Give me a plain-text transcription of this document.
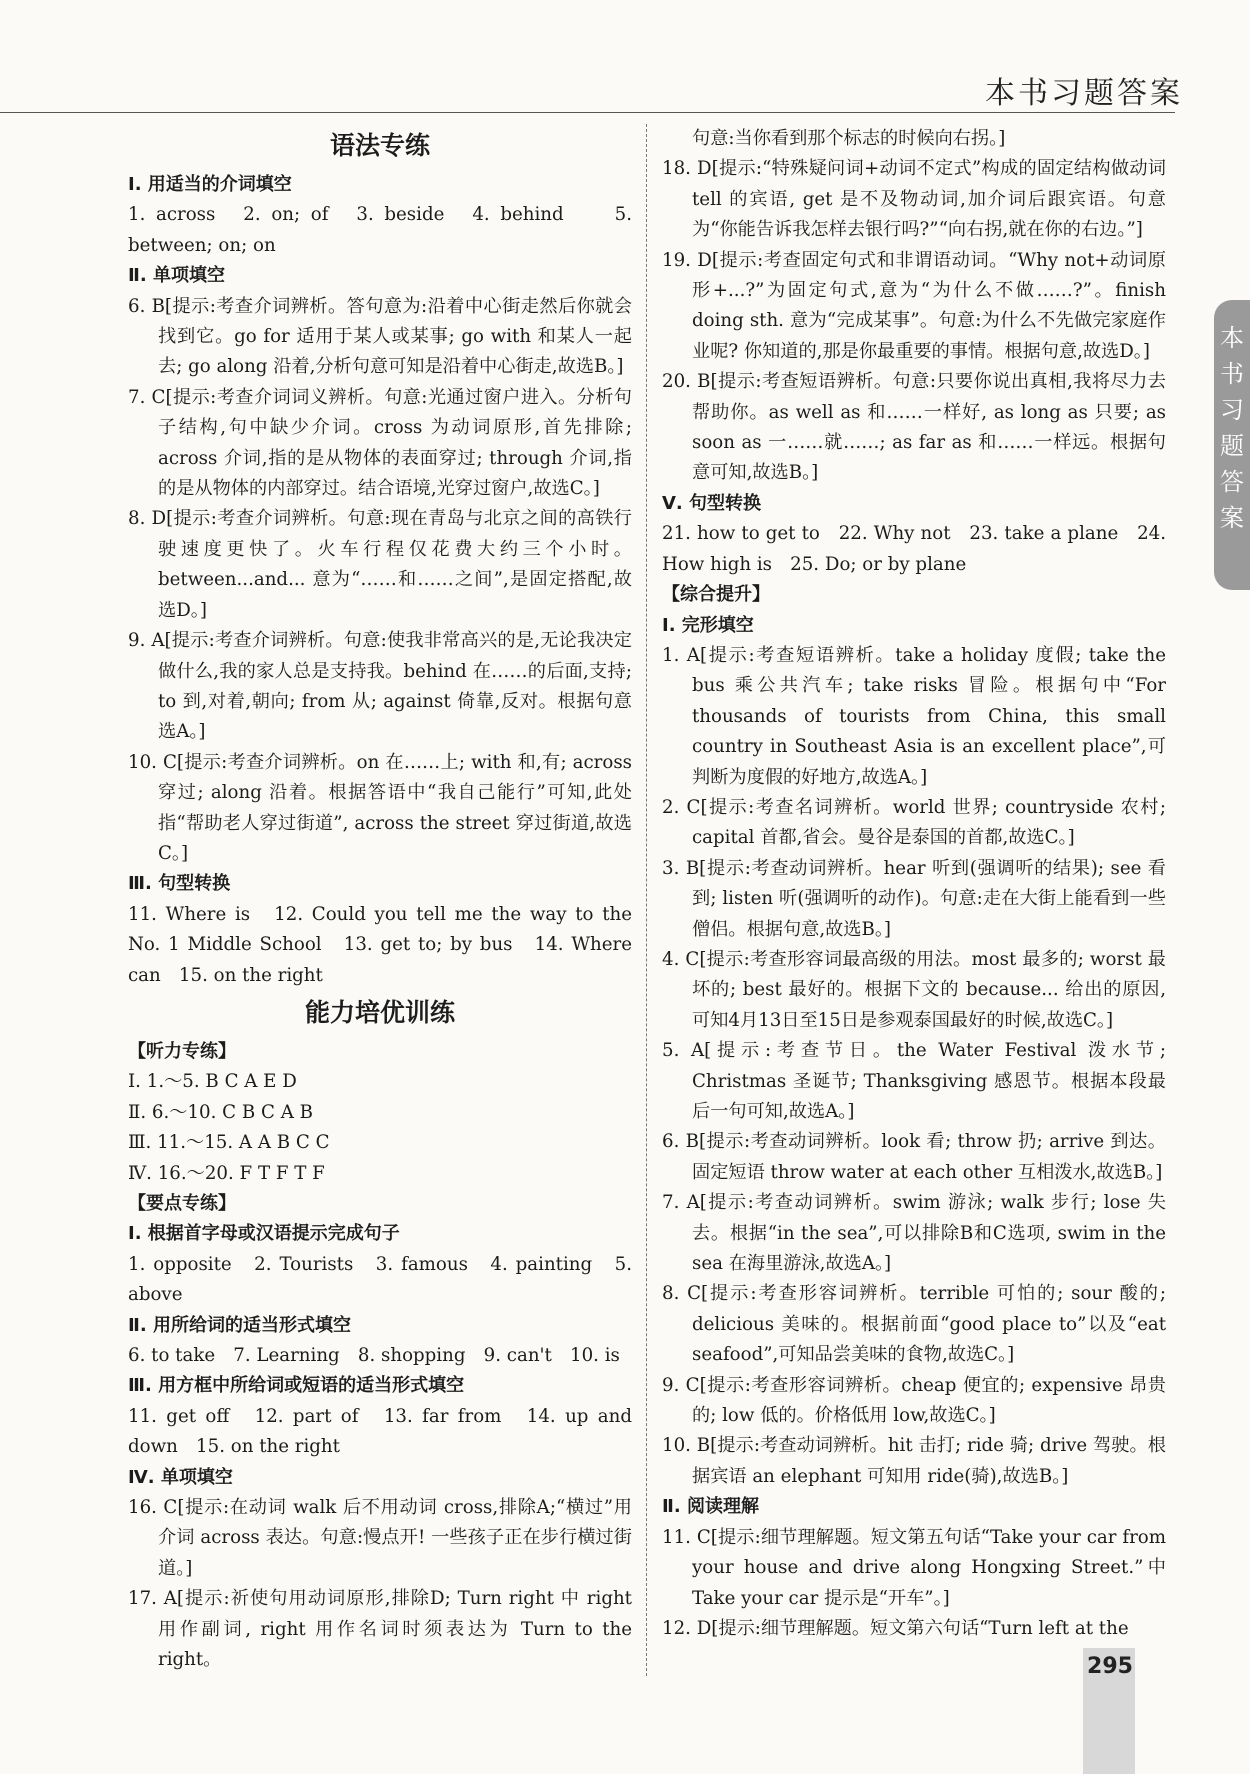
本书习题答案
本书习题答案
语法专练
Ⅰ. 用适当的介词填空
1. across　2. on; of　3. beside　4. behind　　5. between; on; on
Ⅱ. 单项填空
6. B[提示:考查介词辨析。答句意为:沿着中心街走然后你就会找到它。go for 适用于某人或某事; go with 和某人一起去; go along 沿着,分析句意可知是沿着中心街走,故选B。]
7. C[提示:考查介词词义辨析。句意:光通过窗户进入。分析句子结构,句中缺少介词。cross 为动词原形,首先排除; across 介词,指的是从物体的表面穿过; through 介词,指的是从物体的内部穿过。结合语境,光穿过窗户,故选C。]
8. D[提示:考查介词辨析。句意:现在青岛与北京之间的高铁行驶速度更快了。火车行程仅花费大约三个小时。between...and... 意为“……和……之间”,是固定搭配,故选D。]
9. A[提示:考查介词辨析。句意:使我非常高兴的是,无论我决定做什么,我的家人总是支持我。behind 在……的后面,支持; to 到,对着,朝向; from 从; against 倚靠,反对。根据句意选A。]
10. C[提示:考查介词辨析。on 在……上; with 和,有; across 穿过; along 沿着。根据答语中“我自己能行”可知,此处指“帮助老人穿过街道”, across the street 穿过街道,故选C。]
Ⅲ. 句型转换
11. Where is　12. Could you tell me the way to the No. 1 Middle School　13. get to; by bus　14. Where can　15. on the right
能力培优训练
【听力专练】
Ⅰ. 1.～5. B C A E D
Ⅱ. 6.～10. C B C A B
Ⅲ. 11.～15. A A B C C
Ⅳ. 16.～20. F T F T F
【要点专练】
Ⅰ. 根据首字母或汉语提示完成句子
1. opposite　2. Tourists　3. famous　4. painting　5. above
Ⅱ. 用所给词的适当形式填空
6. to take　7. Learning　8. shopping　9. can't　10. is
Ⅲ. 用方框中所给词或短语的适当形式填空
11. get off　12. part of　13. far from　14. up and down　15. on the right
Ⅳ. 单项填空
16. C[提示:在动词 walk 后不用动词 cross,排除A;“横过”用介词 across 表达。句意:慢点开! 一些孩子正在步行横过街道。]
17. A[提示:祈使句用动词原形,排除D; Turn right 中 right 用作副词, right 用作名词时须表达为 Turn to the right。
句意:当你看到那个标志的时候向右拐。]
18. D[提示:“特殊疑问词+动词不定式”构成的固定结构做动词 tell 的宾语, get 是不及物动词,加介词后跟宾语。句意为“你能告诉我怎样去银行吗?”“向右拐,就在你的右边。”]
19. D[提示:考查固定句式和非谓语动词。“Why not+动词原形+...?”为固定句式,意为“为什么不做……?”。finish doing sth. 意为“完成某事”。句意:为什么不先做完家庭作业呢? 你知道的,那是你最重要的事情。根据句意,故选D。]
20. B[提示:考查短语辨析。句意:只要你说出真相,我将尽力去帮助你。as well as 和……一样好, as long as 只要; as soon as 一……就……; as far as 和……一样远。根据句意可知,故选B。]
Ⅴ. 句型转换
21. how to get to　22. Why not　23. take a plane　24. How high is　25. Do; or by plane
【综合提升】
Ⅰ. 完形填空
1. A[提示:考查短语辨析。take a holiday 度假; take the bus 乘公共汽车; take risks 冒险。根据句中“For thousands of tourists from China, this small country in Southeast Asia is an excellent place”,可判断为度假的好地方,故选A。]
2. C[提示:考查名词辨析。world 世界; countryside 农村; capital 首都,省会。曼谷是泰国的首都,故选C。]
3. B[提示:考查动词辨析。hear 听到(强调听的结果); see 看到; listen 听(强调听的动作)。句意:走在大街上能看到一些僧侣。根据句意,故选B。]
4. C[提示:考查形容词最高级的用法。most 最多的; worst 最坏的; best 最好的。根据下文的 because... 给出的原因,可知4月13日至15日是参观泰国最好的时候,故选C。]
5. A[提示:考查节日。the Water Festival 泼水节; Christmas 圣诞节; Thanksgiving 感恩节。根据本段最后一句可知,故选A。]
6. B[提示:考查动词辨析。look 看; throw 扔; arrive 到达。固定短语 throw water at each other 互相泼水,故选B。]
7. A[提示:考查动词辨析。swim 游泳; walk 步行; lose 失去。根据“in the sea”,可以排除B和C选项, swim in the sea 在海里游泳,故选A。]
8. C[提示:考查形容词辨析。terrible 可怕的; sour 酸的; delicious 美味的。根据前面“good place to”以及“eat seafood”,可知品尝美味的食物,故选C。]
9. C[提示:考查形容词辨析。cheap 便宜的; expensive 昂贵的; low 低的。价格低用 low,故选C。]
10. B[提示:考查动词辨析。hit 击打; ride 骑; drive 驾驶。根据宾语 an elephant 可知用 ride(骑),故选B。]
Ⅱ. 阅读理解
11. C[提示:细节理解题。短文第五句话“Take your car from your house and drive along Hongxing Street.”中 Take your car 提示是“开车”。]
12. D[提示:细节理解题。短文第六句话“Turn left at the
295
